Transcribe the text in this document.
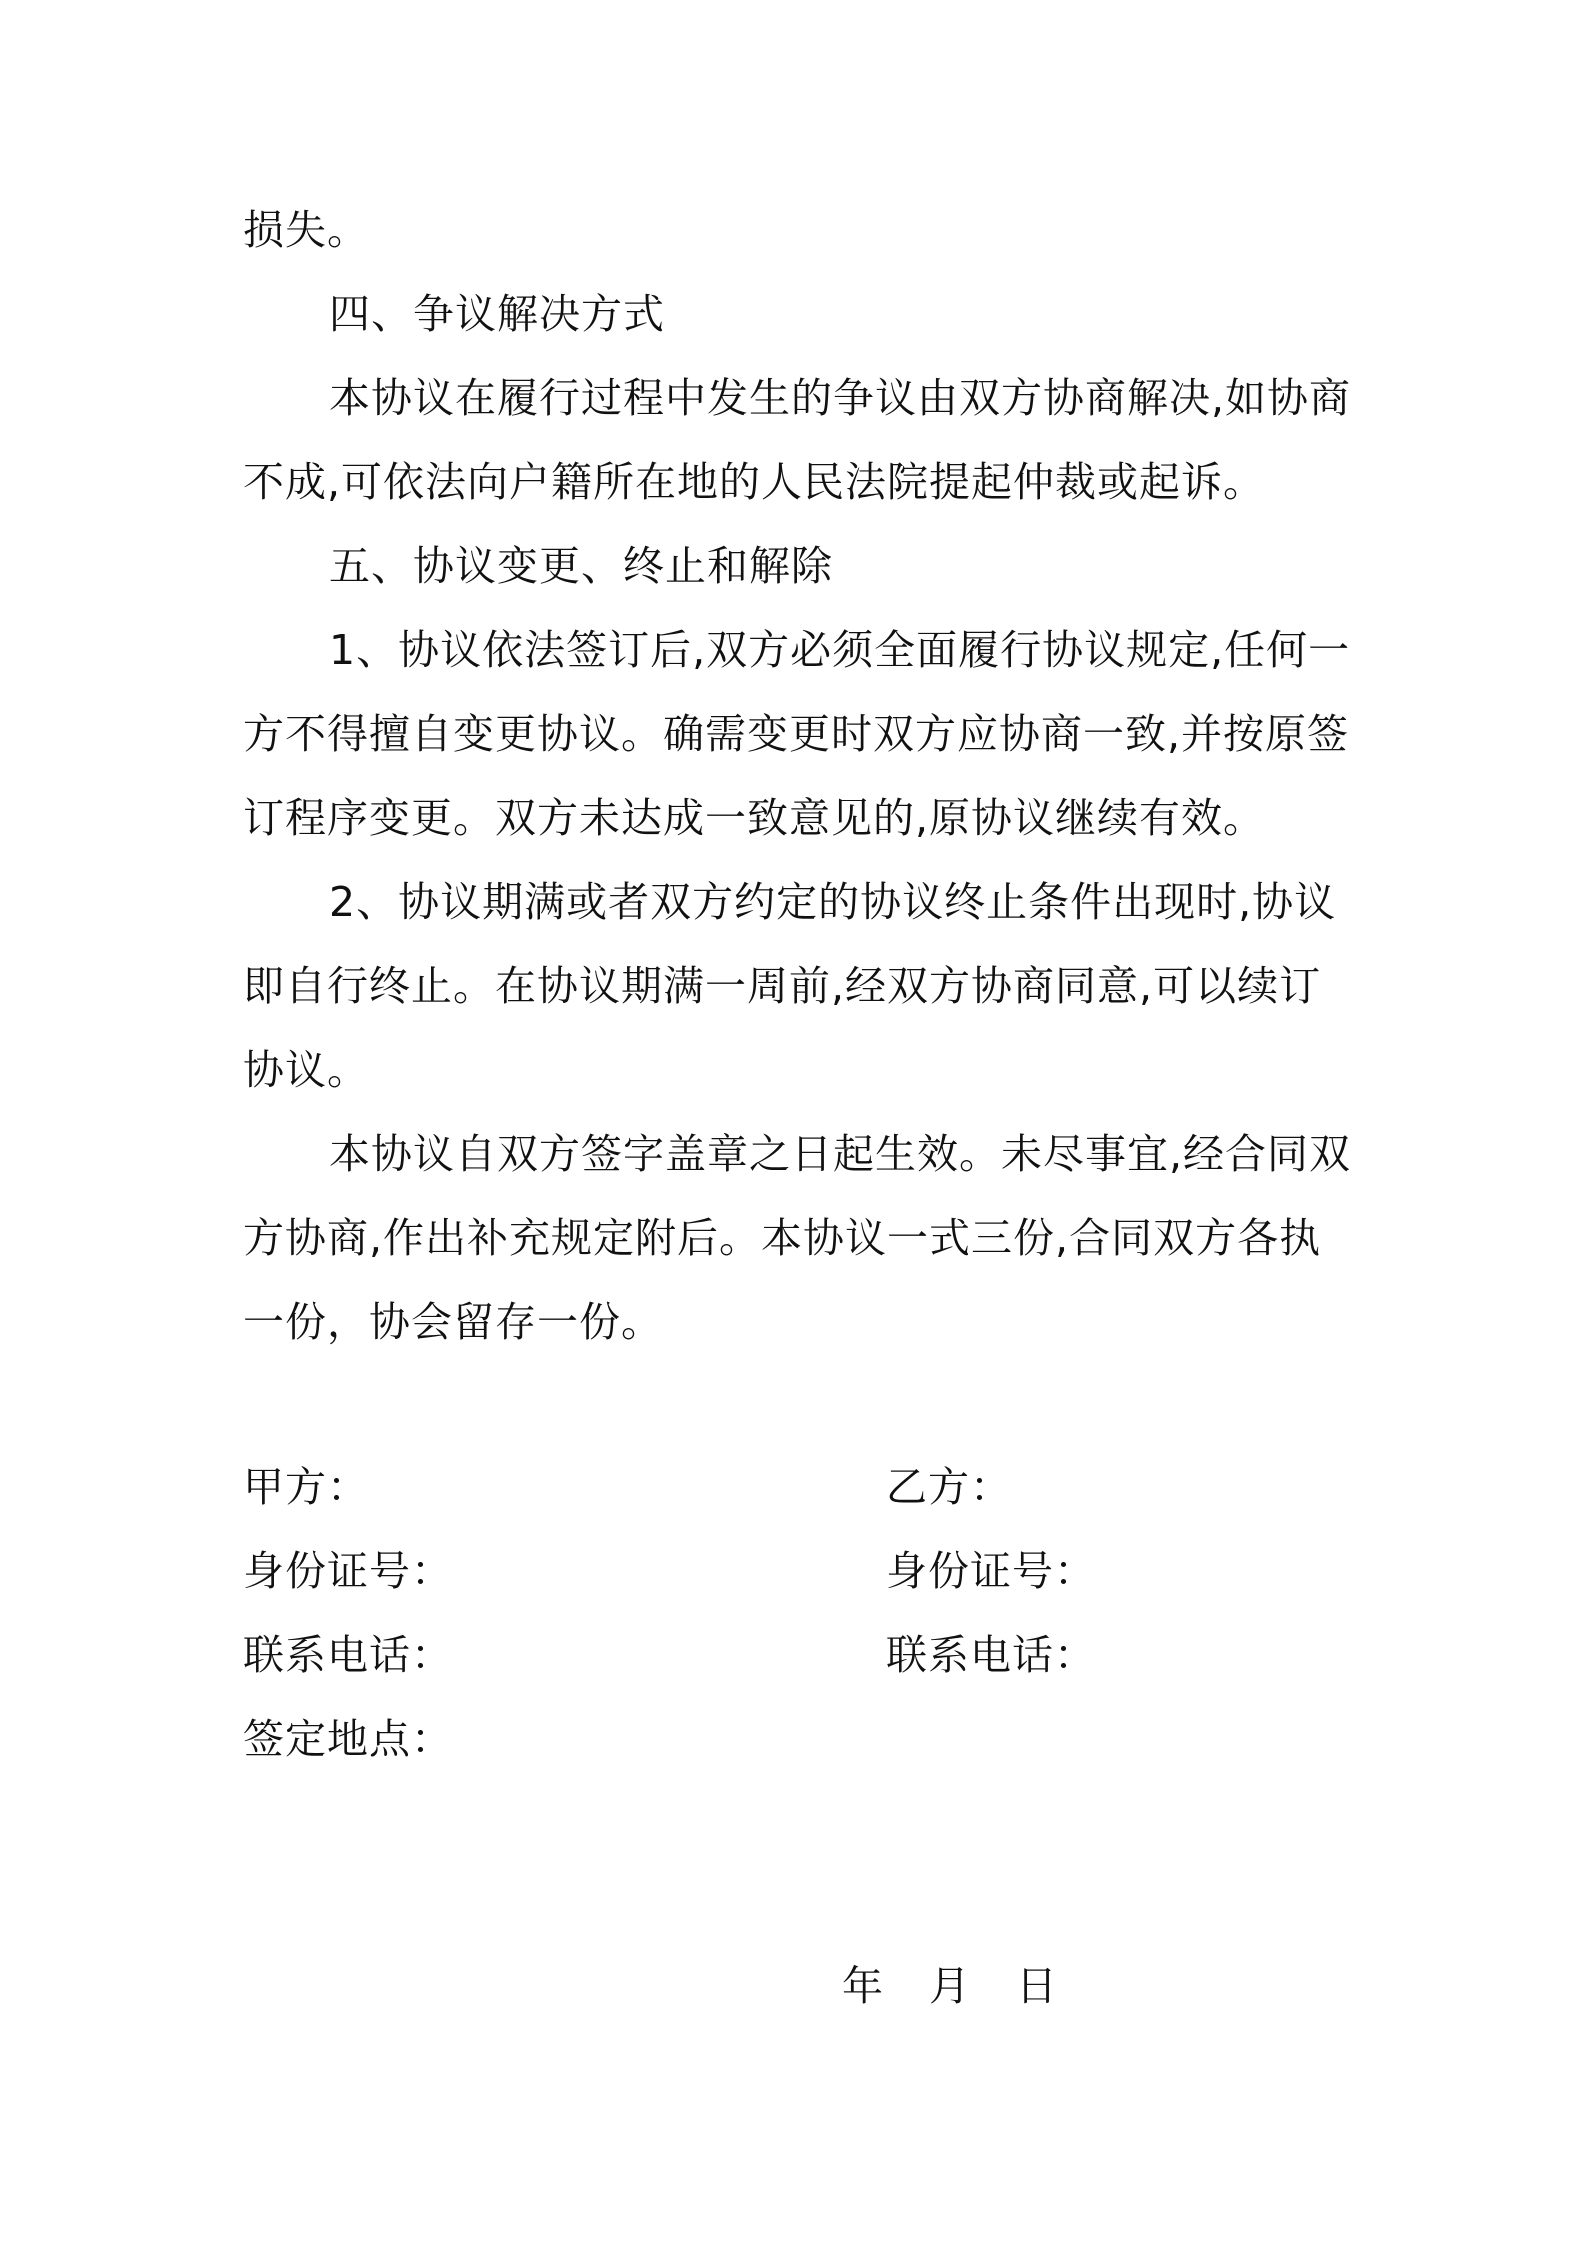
损失。

四、争议解决方式

本协议在履行过程中发生的争议由双方协商解决,如协商不成,可依法向户籍所在地的人民法院提起仲裁或起诉。

五、协议变更、终止和解除

1、协议依法签订后,双方必须全面履行协议规定,任何一方不得擅自变更协议。确需变更时双方应协商一致,并按原签订程序变更。双方未达成一致意见的,原协议继续有效。

2、协议期满或者双方约定的协议终止条件出现时,协议即自行终止。在协议期满一周前,经双方协商同意,可以续订协议。

本协议自双方签字盖章之日起生效。未尽事宜,经合同双方协商,作出补充规定附后。本协议一式三份,合同双方各执一份，协会留存一份。

甲方：

身份证号：

联系电话：

签定地点：

乙方：

身份证号：

联系电话：

年 月 日
